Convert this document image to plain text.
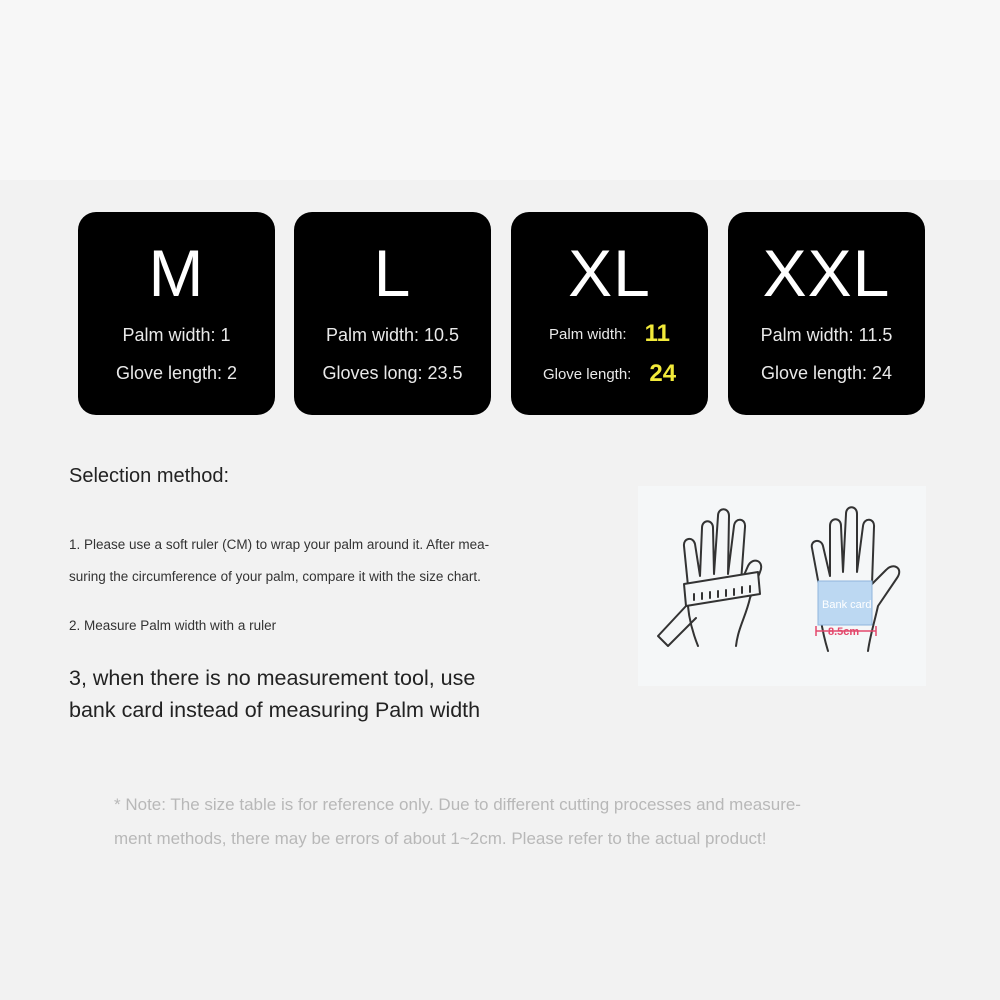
M
Palm width: 1
Glove length: 2
L
Palm width: 10.5
Gloves long: 23.5
XL
Palm width: 11
Glove length: 24
XXL
Palm width: 11.5
Glove length: 24
Selection method:
1. Please use a soft ruler (CM) to wrap your palm around it. After mea-
suring the circumference of your palm, compare it with the size chart.
2. Measure Palm width with a ruler
3, when there is no measurement tool, use
bank card instead of measuring Palm width
Bank card
8.5cm
* Note: The size table is for reference only. Due to different cutting processes and measure-
ment methods, there may be errors of about 1~2cm. Please refer to the actual product!
